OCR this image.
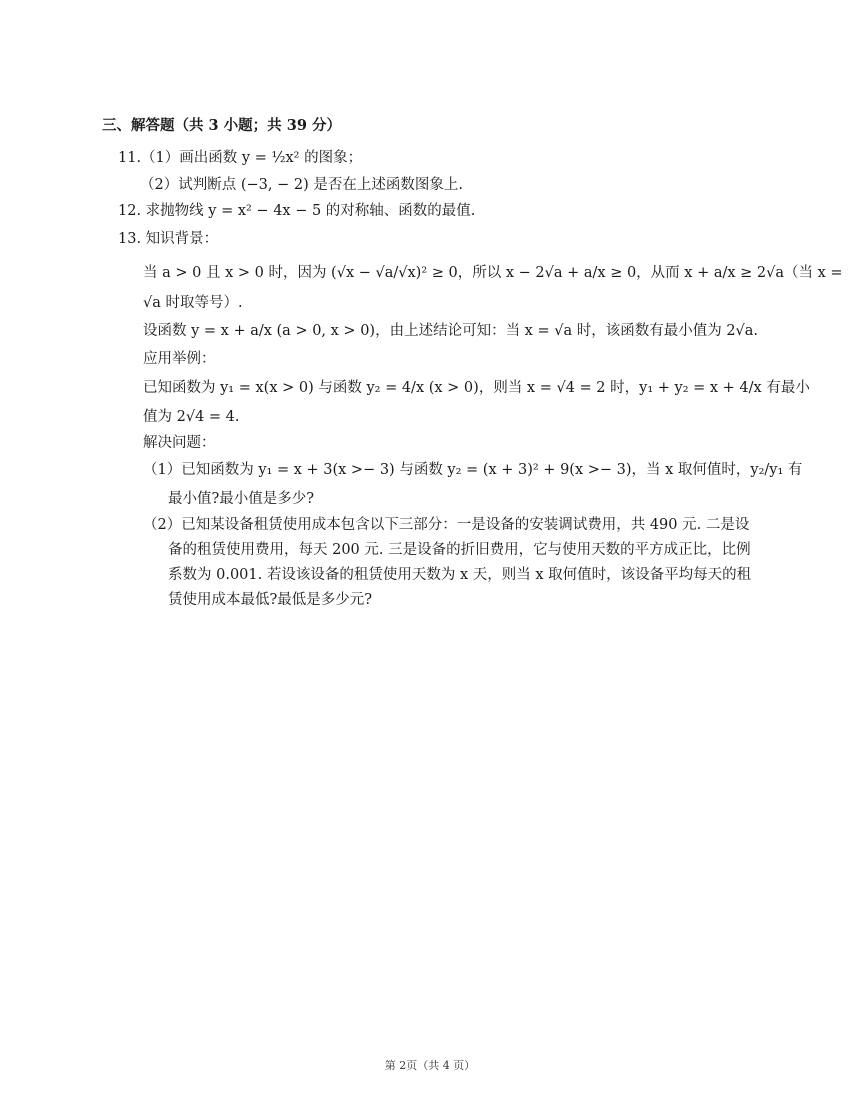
三、解答题（共 3 小题；共 39 分）
11.（1）画出函数 y = ½x² 的图象；
（2）试判断点 (−3, − 2) 是否在上述函数图象上.
12. 求抛物线 y = x² − 4x − 5 的对称轴、函数的最值.
13. 知识背景：
当 a > 0 且 x > 0 时，因为 (√x − √a/√x)² ≥ 0，所以 x − 2√a + a/x ≥ 0，从而 x + a/x ≥ 2√a（当 x =
√a 时取等号）.
设函数 y = x + a/x (a > 0, x > 0)，由上述结论可知：当 x = √a 时，该函数有最小值为 2√a.
应用举例：
已知函数为 y₁ = x(x > 0) 与函数 y₂ = 4/x (x > 0)，则当 x = √4 = 2 时，y₁ + y₂ = x + 4/x 有最小
值为 2√4 = 4.
解决问题：
（1）已知函数为 y₁ = x + 3(x >− 3) 与函数 y₂ = (x + 3)² + 9(x >− 3)，当 x 取何值时，y₂/y₁ 有
最小值?最小值是多少?
（2）已知某设备租赁使用成本包含以下三部分：一是设备的安装调试费用，共 490 元. 二是设
备的租赁使用费用，每天 200 元. 三是设备的折旧费用，它与使用天数的平方成正比，比例
系数为 0.001. 若设该设备的租赁使用天数为 x 天，则当 x 取何值时，该设备平均每天的租
赁使用成本最低?最低是多少元?
第 2页（共 4 页）
